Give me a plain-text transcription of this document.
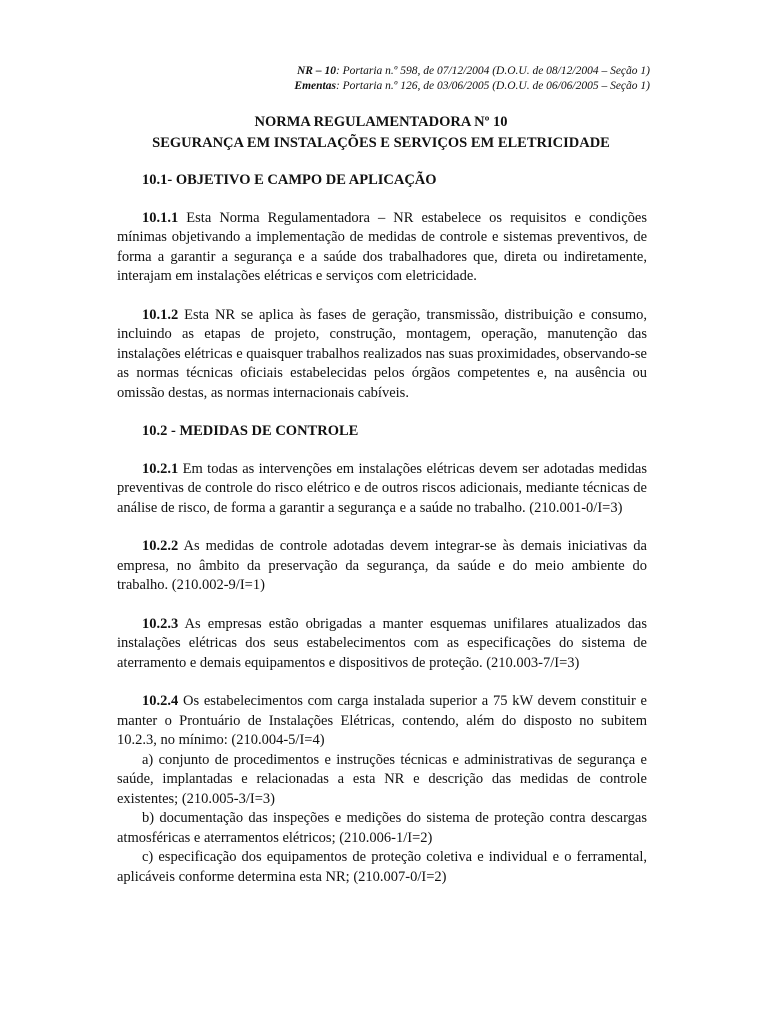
NR – 10: Portaria n.º 598, de 07/12/2004 (D.O.U. de 08/12/2004 – Seção 1)
Ementas: Portaria n.º 126, de 03/06/2005 (D.O.U. de 06/06/2005 – Seção 1)
NORMA REGULAMENTADORA Nº 10
SEGURANÇA EM INSTALAÇÕES E SERVIÇOS EM ELETRICIDADE
10.1- OBJETIVO E CAMPO DE APLICAÇÃO

10.1.1 Esta Norma Regulamentadora – NR estabelece os requisitos e condições mínimas objetivando a implementação de medidas de controle e sistemas preventivos, de forma a garantir a segurança e a saúde dos trabalhadores que, direta ou indiretamente, interajam em instalações elétricas e serviços com eletricidade.

10.1.2 Esta NR se aplica às fases de geração, transmissão, distribuição e consumo, incluindo as etapas de projeto, construção, montagem, operação, manutenção das instalações elétricas e quaisquer trabalhos realizados nas suas proximidades, observando-se as normas técnicas oficiais estabelecidas pelos órgãos competentes e, na ausência ou omissão destas, as normas internacionais cabíveis.

10.2 - MEDIDAS DE CONTROLE

10.2.1 Em todas as intervenções em instalações elétricas devem ser adotadas medidas preventivas de controle do risco elétrico e de outros riscos adicionais, mediante técnicas de análise de risco, de forma a garantir a segurança e a saúde no trabalho. (210.001-0/I=3)

10.2.2 As medidas de controle adotadas devem integrar-se às demais iniciativas da empresa, no âmbito da preservação da segurança, da saúde e do meio ambiente do trabalho. (210.002-9/I=1)

10.2.3 As empresas estão obrigadas a manter esquemas unifilares atualizados das instalações elétricas dos seus estabelecimentos com as especificações do sistema de aterramento e demais equipamentos e dispositivos de proteção. (210.003-7/I=3)

10.2.4 Os estabelecimentos com carga instalada superior a 75 kW devem constituir e manter o Prontuário de Instalações Elétricas, contendo, além do disposto no subitem 10.2.3, no mínimo: (210.004-5/I=4)

a) conjunto de procedimentos e instruções técnicas e administrativas de segurança e saúde, implantadas e relacionadas a esta NR e descrição das medidas de controle existentes; (210.005-3/I=3)

b) documentação das inspeções e medições do sistema de proteção contra descargas atmosféricas e aterramentos elétricos; (210.006-1/I=2)

c) especificação dos equipamentos de proteção coletiva e individual e o ferramental, aplicáveis conforme determina esta NR; (210.007-0/I=2)
